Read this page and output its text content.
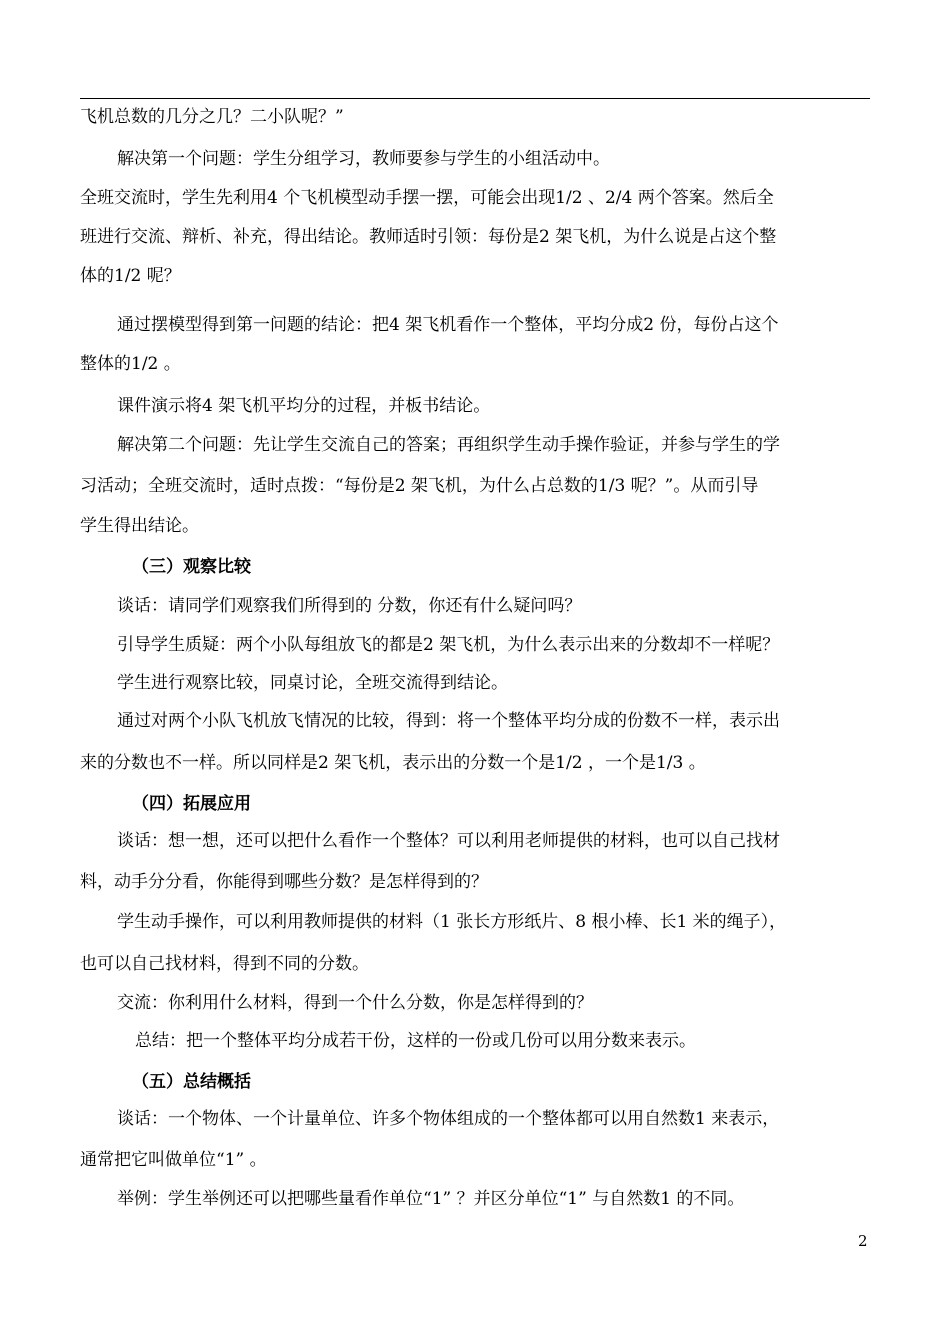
飞机总数的几分之几？二小队呢？”
解决第一个问题：学生分组学习，教师要参与学生的小组活动中。
全班交流时，学生先利用4 个飞机模型动手摆一摆，可能会出现1/2 、2/4 两个答案。然后全
班进行交流、辩析、补充，得出结论。教师适时引领：每份是2 架飞机，为什么说是占这个整
体的1/2 呢？
通过摆模型得到第一问题的结论：把4 架飞机看作一个整体，平均分成2 份，每份占这个
整体的1/2 。
课件演示将4 架飞机平均分的过程，并板书结论。
解决第二个问题：先让学生交流自己的答案；再组织学生动手操作验证，并参与学生的学
习活动；全班交流时，适时点拨：“每份是2 架飞机，为什么占总数的1/3 呢？”。从而引导
学生得出结论。
（三）观察比较
谈话：请同学们观察我们所得到的 分数，你还有什么疑问吗？
引导学生质疑：两个小队每组放飞的都是2 架飞机，为什么表示出来的分数却不一样呢？
学生进行观察比较，同桌讨论，全班交流得到结论。
通过对两个小队飞机放飞情况的比较，得到：将一个整体平均分成的份数不一样，表示出
来的分数也不一样。所以同样是2 架飞机，表示出的分数一个是1/2 ，一个是1/3 。
（四）拓展应用
谈话：想一想，还可以把什么看作一个整体？可以利用老师提供的材料，也可以自己找材
料，动手分分看，你能得到哪些分数？是怎样得到的？
学生动手操作，可以利用教师提供的材料（1 张长方形纸片、8 根小棒、长1 米的绳子），
也可以自己找材料，得到不同的分数。
交流：你利用什么材料，得到一个什么分数，你是怎样得到的？
总结：把一个整体平均分成若干份，这样的一份或几份可以用分数来表示。
（五）总结概括
谈话：一个物体、一个计量单位、许多个物体组成的一个整体都可以用自然数1 来表示，
通常把它叫做单位“1” 。
举例：学生举例还可以把哪些量看作单位“1” ？并区分单位“1” 与自然数1 的不同。
2
